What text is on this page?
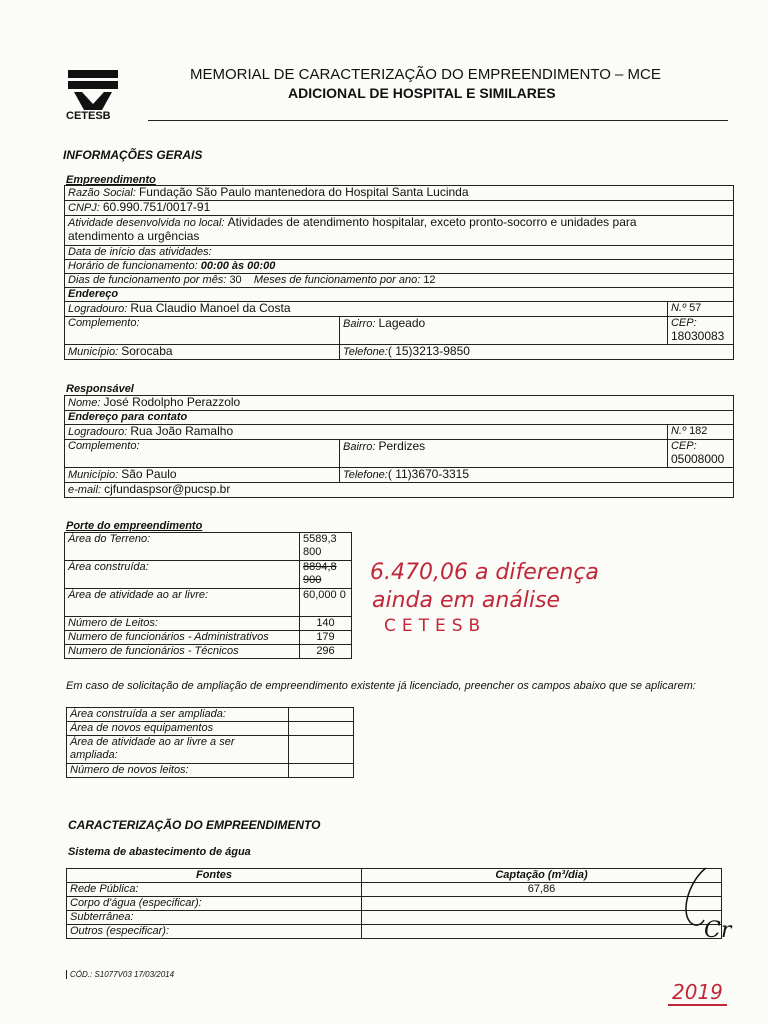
CETESB
MEMORIAL DE CARACTERIZAÇÃO DO EMPREENDIMENTO – MCE
ADICIONAL DE HOSPITAL E SIMILARES
INFORMAÇÕES GERAIS
Empreendimento
Razão Social: Fundação São Paulo mantenedora do Hospital Santa Lucinda		
CNPJ: 60.990.751/0017-91		
Atividade desenvolvida no local: Atividades de atendimento hospitalar, exceto pronto-socorro e unidades para
atendimento a urgências		
Data de início das atividades:		
Horário de funcionamento: 00:00 às 00:00		
Dias de funcionamento por mês: 30 Meses de funcionamento por ano: 12		
Endereço		
Logradouro: Rua Claudio Manoel da Costa		N.º 57
Complemento:	Bairro: Lageado	CEP:
18030083
Município: Sorocaba	Telefone:( 15)3213-9850	
Responsável
Nome: José Rodolpho Perazzolo		
Endereço para contato		
Logradouro: Rua João Ramalho		N.º 182
Complemento:	Bairro: Perdizes	CEP:
05008000
Município: São Paulo	Telefone:( 11)3670-3315	
e-mail: cjfundaspsor@pucsp.br		
Porte do empreendimento
Área do Terreno:	5589,3 800
Área construída:	8894,8 900
Área de atividade ao ar livre:	60,000 0
Número de Leitos:	140
Numero de funcionários - Administrativos	179
Numero de funcionários - Técnicos	296
6.470,06 a diferença
ainda em análise
CETESB
Em caso de solicitação de ampliação de empreendimento existente já licenciado, preencher os campos abaixo que se aplicarem:
Área construída a ser ampliada:	
Área de novos equipamentos	
Área de atividade ao ar livre a ser ampliada:	
Número de novos leitos:	
CARACTERIZAÇÃO DO EMPREENDIMENTO
Sistema de abastecimento de água
Fontes	Captação (m³/dia)
Rede Pública:	67,86
Corpo d'água (especificar):	
Subterrânea:	
Outros (especificar):		Cr
2019
CÓD.: S1077V03 17/03/2014
